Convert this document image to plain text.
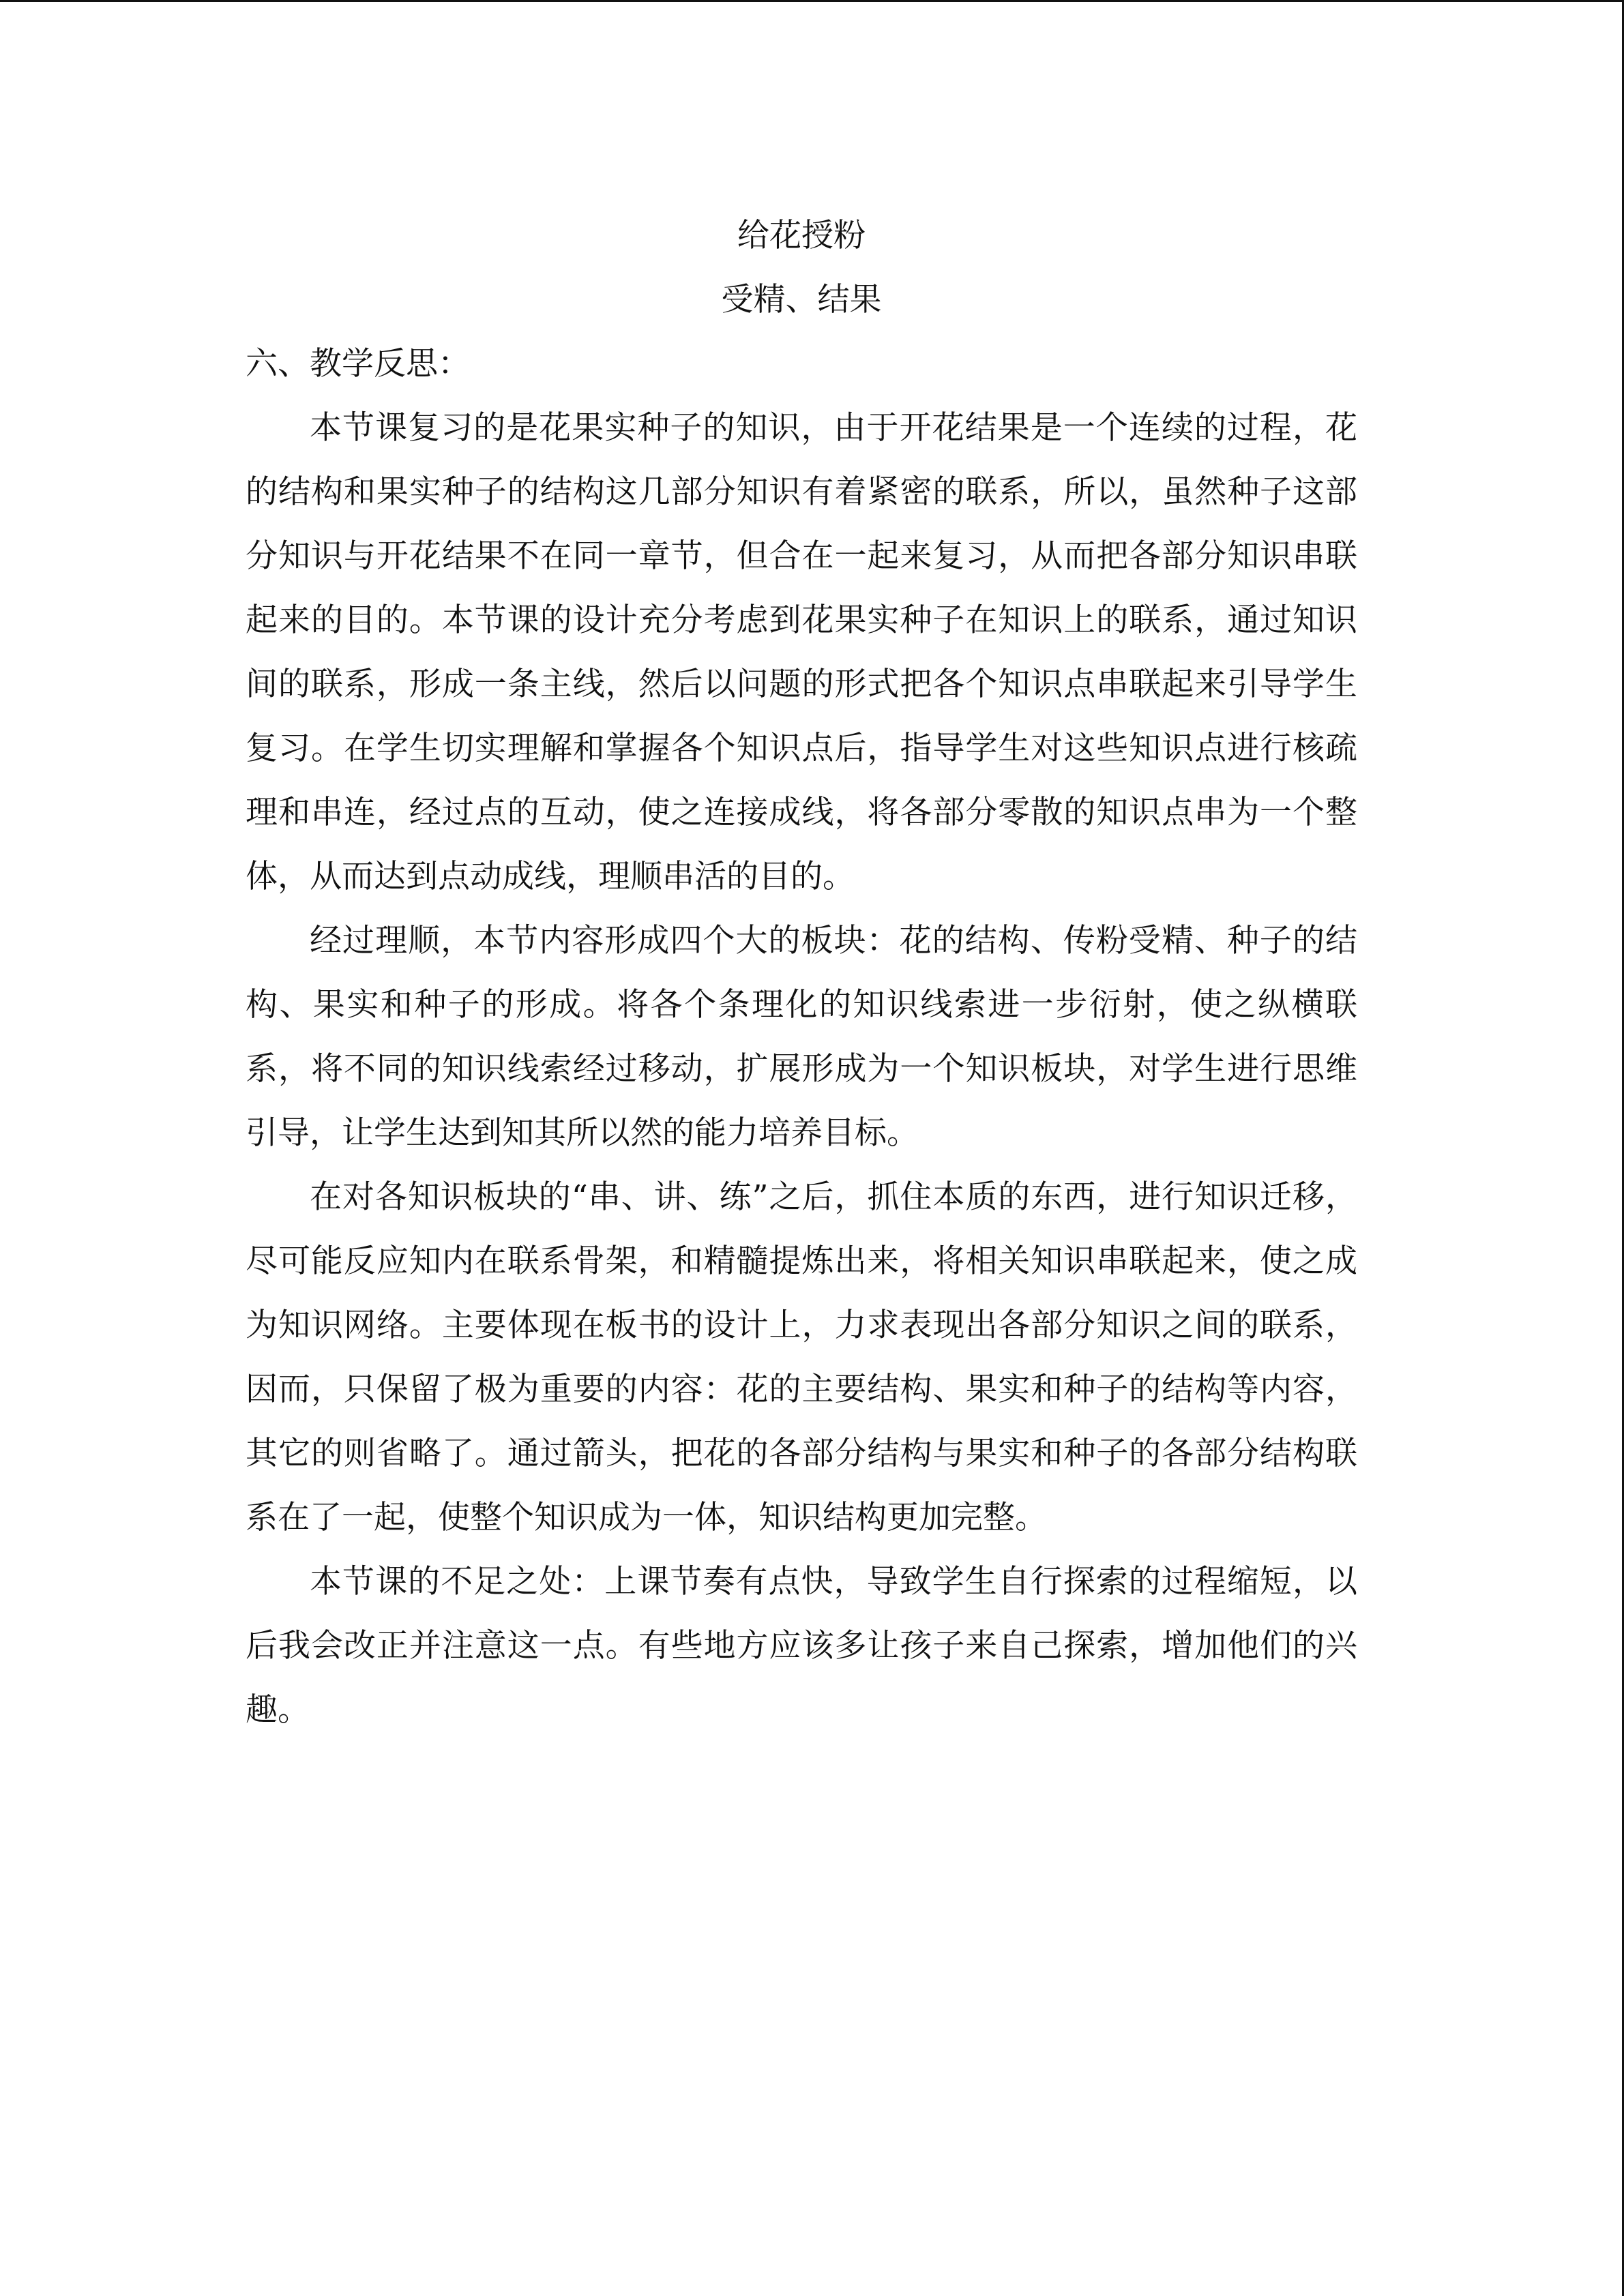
给花授粉
受精、结果
六、教学反思：

本节课复习的是花果实种子的知识，由于开花结果是一个连续的过程，花的结构和果实种子的结构这几部分知识有着紧密的联系，所以，虽然种子这部分知识与开花结果不在同一章节，但合在一起来复习，从而把各部分知识串联起来的目的。本节课的设计充分考虑到花果实种子在知识上的联系，通过知识间的联系，形成一条主线，然后以问题的形式把各个知识点串联起来引导学生复习。在学生切实理解和掌握各个知识点后，指导学生对这些知识点进行核疏理和串连，经过点的互动，使之连接成线，将各部分零散的知识点串为一个整体，从而达到点动成线，理顺串活的目的。

经过理顺，本节内容形成四个大的板块：花的结构、传粉受精、种子的结构、果实和种子的形成。将各个条理化的知识线索进一步衍射，使之纵横联系，将不同的知识线索经过移动，扩展形成为一个知识板块，对学生进行思维引导，让学生达到知其所以然的能力培养目标。

在对各知识板块的“串、讲、练”之后，抓住本质的东西，进行知识迁移，尽可能反应知内在联系骨架，和精髓提炼出来，将相关知识串联起来，使之成为知识网络。主要体现在板书的设计上，力求表现出各部分知识之间的联系，因而，只保留了极为重要的内容：花的主要结构、果实和种子的结构等内容，其它的则省略了。通过箭头，把花的各部分结构与果实和种子的各部分结构联系在了一起，使整个知识成为一体，知识结构更加完整。

本节课的不足之处：上课节奏有点快，导致学生自行探索的过程缩短，以后我会改正并注意这一点。有些地方应该多让孩子来自己探索，增加他们的兴趣。
